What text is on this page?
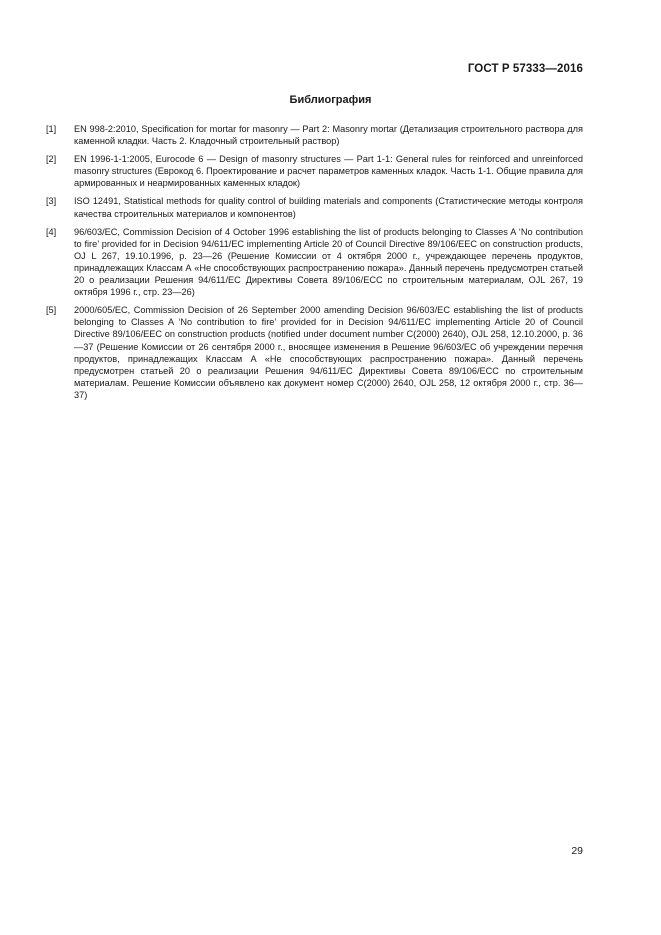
ГОСТ Р 57333—2016
Библиография
[1]	EN 998-2:2010, Specification for mortar for masonry — Part 2: Masonry mortar (Детализация строительного раствора для каменной кладки. Часть 2. Кладочный строительный раствор)
[2]	EN 1996-1-1:2005, Eurocode 6 — Design of masonry structures — Part 1-1: General rules for reinforced and unreinforced masonry structures (Еврокод 6. Проектирование и расчет параметров каменных кладок. Часть 1-1. Общие правила для армированных и неармированных каменных кладок)
[3]	ISO 12491, Statistical methods for quality control of building materials and components (Статистические методы контроля качества строительных материалов и компонентов)
[4]	96/603/EC, Commission Decision of 4 October 1996 establishing the list of products belonging to Classes A ‘No contribution to fire’ provided for in Decision 94/611/EC implementing Article 20 of Council Directive 89/106/EEC on construction products, OJ L 267, 19.10.1996, p. 23—26 (Решение Комиссии от 4 октября 2000 г., учреждающее перечень продуктов, принадлежащих Классам А «Не способствующих распространению пожара». Данный перечень предусмотрен статьей 20 о реализации Решения 94/611/ЕС Директивы Совета 89/106/ЕСС по строительным материалам, OJL 267, 19 октября 1996 г., стр. 23—26)
[5]	2000/605/EC, Commission Decision of 26 September 2000 amending Decision 96/603/EC establishing the list of products belonging to Classes A ‘No contribution to fire’ provided for in Decision 94/611/EC implementing Article 20 of Council Directive 89/106/EEC on construction products (notified under document number C(2000) 2640), OJL 258, 12.10.2000, p. 36—37 (Решение Комиссии от 26 сентября 2000 г., вносящее изменения в Решение 96/603/ЕС об учреждении перечня продуктов, принадлежащих Классам А «Не способствующих распространению пожара». Данный перечень предусмотрен статьей 20 о реализации Решения 94/611/ЕС Директивы Совета 89/106/ЕСС по строительным материалам. Решение Комиссии объявлено как документ номер С(2000) 2640, OJL 258, 12 октября 2000 г., стр. 36—37)
29
